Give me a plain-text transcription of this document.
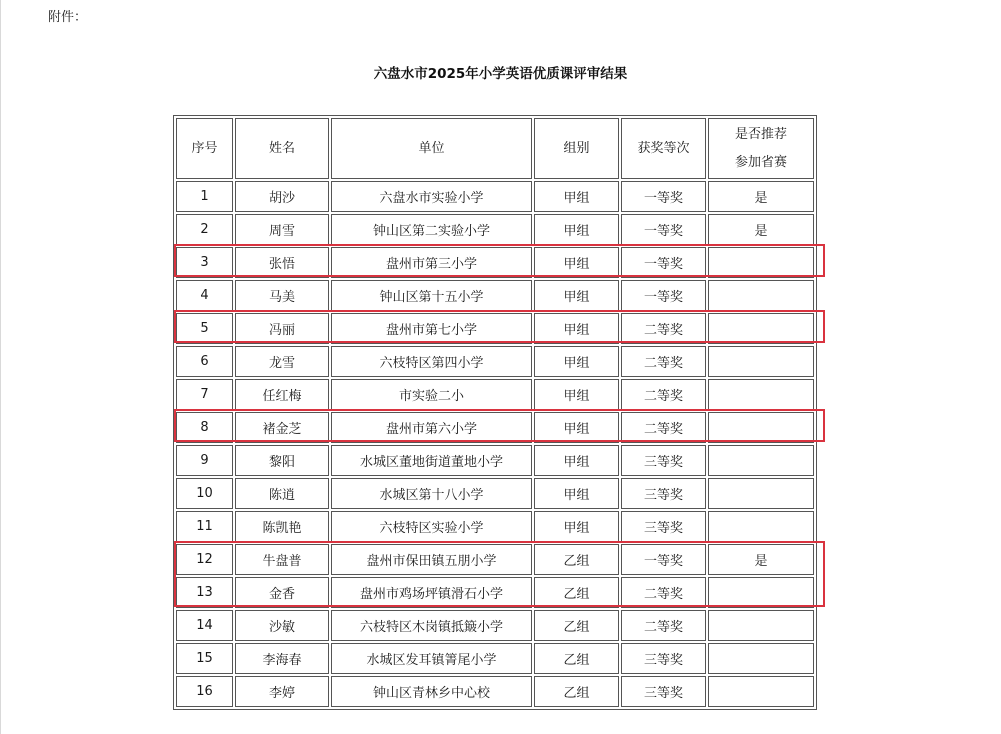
附件：
六盘水市2025年小学英语优质课评审结果
序号	姓名	单位	组别	获奖等次	是否推荐
参加省赛

1	胡沙	六盘水市实验小学	甲组	一等奖	是
2	周雪	钟山区第二实验小学	甲组	一等奖	是
3	张悟	盘州市第三小学	甲组	一等奖	
4	马美	钟山区第十五小学	甲组	一等奖	
5	冯丽	盘州市第七小学	甲组	二等奖	
6	龙雪	六枝特区第四小学	甲组	二等奖	
7	任红梅	市实验二小	甲组	二等奖	
8	褚金芝	盘州市第六小学	甲组	二等奖	
9	黎阳	水城区董地街道董地小学	甲组	三等奖	
10	陈逍	水城区第十八小学	甲组	三等奖	
11	陈凯艳	六枝特区实验小学	甲组	三等奖	
12	牛盘普	盘州市保田镇五朋小学	乙组	一等奖	是
13	金香	盘州市鸡场坪镇滑石小学	乙组	二等奖	
14	沙敏	六枝特区木岗镇抵簸小学	乙组	二等奖	
15	李海春	水城区发耳镇箐尾小学	乙组	三等奖	
16	李婷	钟山区青林乡中心校	乙组	三等奖	
